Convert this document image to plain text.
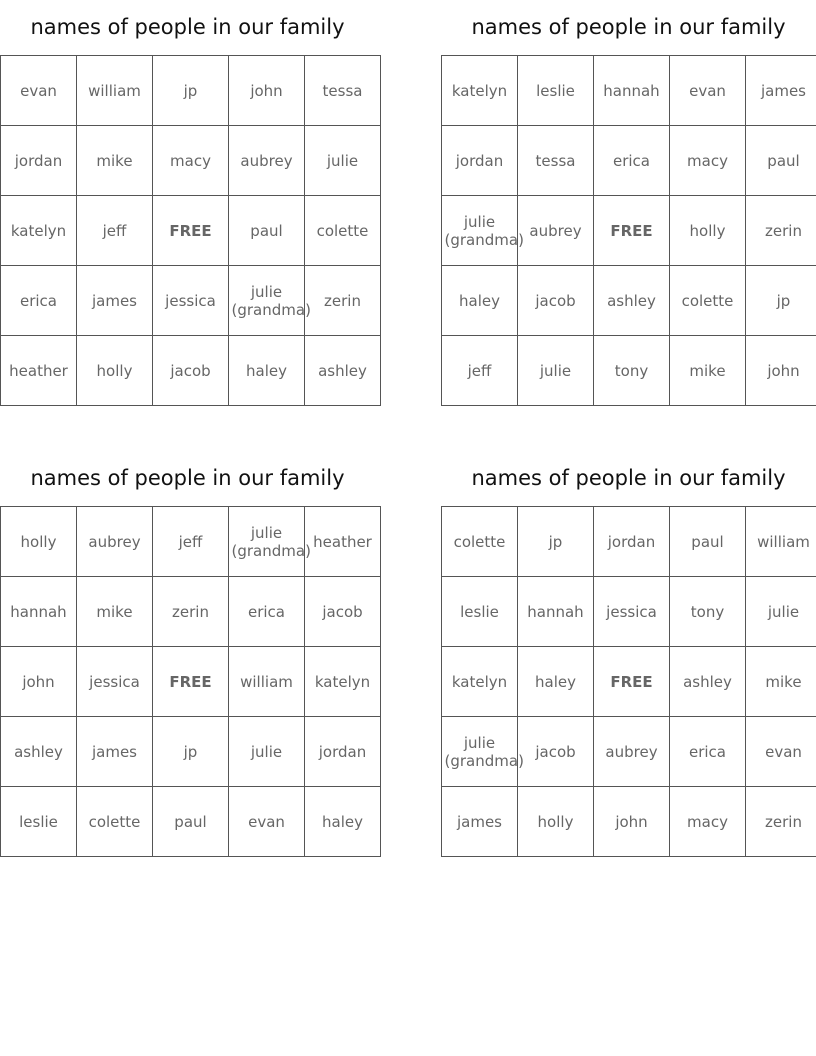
names of people in our family
evan	william	jp	john	tessa
jordan	mike	macy	aubrey	julie
katelyn	jeff	FREE	paul	colette
erica	james	jessica	julie (grandma)	zerin
heather	holly	jacob	haley	ashley
names of people in our family
katelyn	leslie	hannah	evan	james
jordan	tessa	erica	macy	paul
julie (grandma)	aubrey	FREE	holly	zerin
haley	jacob	ashley	colette	jp
jeff	julie	tony	mike	john
names of people in our family
holly	aubrey	jeff	julie (grandma)	heather
hannah	mike	zerin	erica	jacob
john	jessica	FREE	william	katelyn
ashley	james	jp	julie	jordan
leslie	colette	paul	evan	haley
names of people in our family
colette	jp	jordan	paul	william
leslie	hannah	jessica	tony	julie
katelyn	haley	FREE	ashley	mike
julie (grandma)	jacob	aubrey	erica	evan
james	holly	john	macy	zerin
